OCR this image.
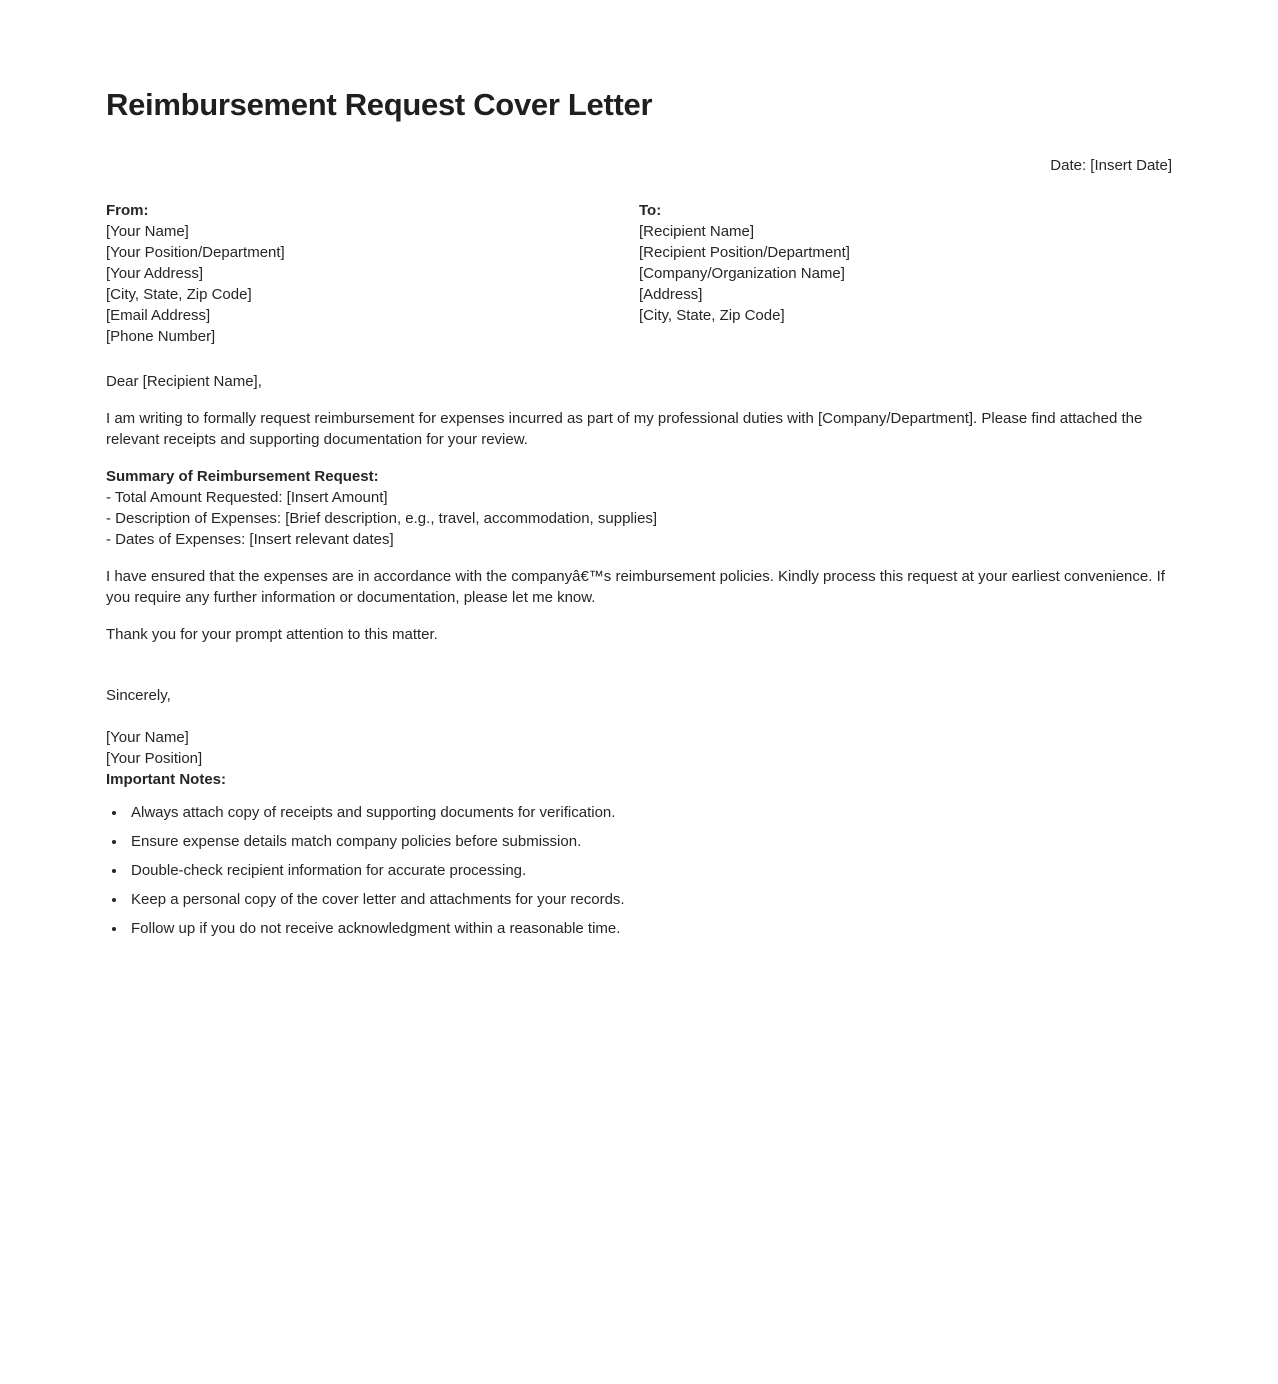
Reimbursement Request Cover Letter
Date: [Insert Date]
From:
[Your Name]
[Your Position/Department]
[Your Address]
[City, State, Zip Code]
[Email Address]
[Phone Number]
To:
[Recipient Name]
[Recipient Position/Department]
[Company/Organization Name]
[Address]
[City, State, Zip Code]
Dear [Recipient Name],

I am writing to formally request reimbursement for expenses incurred as part of my professional duties with [Company/Department]. Please find attached the relevant receipts and supporting documentation for your review.

Summary of Reimbursement Request:
- Total Amount Requested: [Insert Amount]
- Description of Expenses: [Brief description, e.g., travel, accommodation, supplies]
- Dates of Expenses: [Insert relevant dates]

I have ensured that the expenses are in accordance with the companyâ€™s reimbursement policies. Kindly process this request at your earliest convenience. If you require any further information or documentation, please let me know.

Thank you for your prompt attention to this matter.

Sincerely,
[Your Name]
[Your Position]
Important Notes:
• Always attach copy of receipts and supporting documents for verification.
• Ensure expense details match company policies before submission.
• Double-check recipient information for accurate processing.
• Keep a personal copy of the cover letter and attachments for your records.
• Follow up if you do not receive acknowledgment within a reasonable time.
